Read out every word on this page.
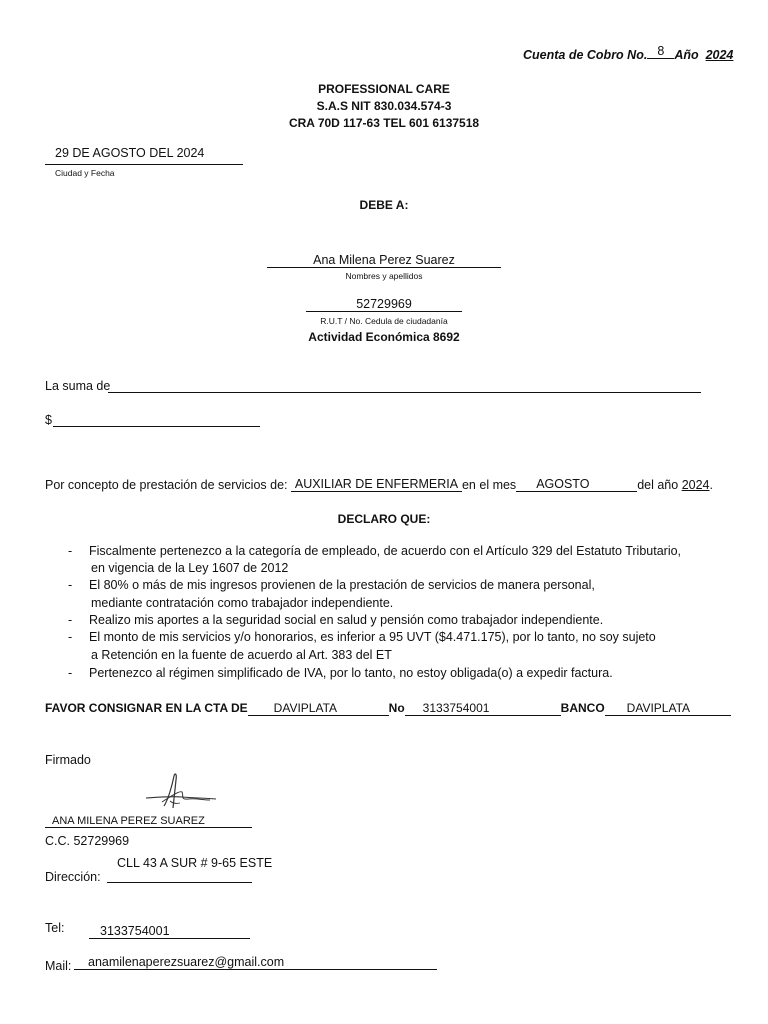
Cuenta de Cobro No. 8 Año 2024
PROFESSIONAL CARE
S.A.S NIT 830.034.574-3
CRA 70D 117-63 TEL 601 6137518
29 DE AGOSTO DEL 2024
Ciudad y Fecha
DEBE A:
Ana Milena Perez Suarez
Nombres y apellidos
52729969
R.U.T / No. Cedula de ciudadanía
Actividad Económica 8692
La suma de
$
Por concepto de prestación de servicios de: AUXILIAR DE ENFERMERIA en el mes AGOSTO	del año 2024.
DECLARO QUE:
- Fiscalmente pertenezco a la categoría de empleado, de acuerdo con el Artículo 329 del Estatuto Tributario,
en vigencia de la Ley 1607 de 2012
- El 80% o más de mis ingresos provienen de la prestación de servicios de manera personal,
mediante contratación como trabajador independiente.
- Realizo mis aportes a la seguridad social en salud y pensión como trabajador independiente.
- El monto de mis servicios y/o honorarios, es inferior a 95 UVT ($4.471.175), por lo tanto, no soy sujeto
a Retención en la fuente de acuerdo al Art. 383 del ET
- Pertenezco al régimen simplificado de IVA, por lo tanto, no estoy obligada(o) a expedir factura.
FAVOR CONSIGNAR EN LA CTA DE DAVIPLATA	No 3133754001	BANCO DAVIPLATA
Firmado
ANA MILENA PEREZ SUAREZ
C.C. 52729969
CLL 43 A SUR # 9-65 ESTE
Dirección:
Tel:	3133754001
Mail:	anamilenaperezsuarez@gmail.com
